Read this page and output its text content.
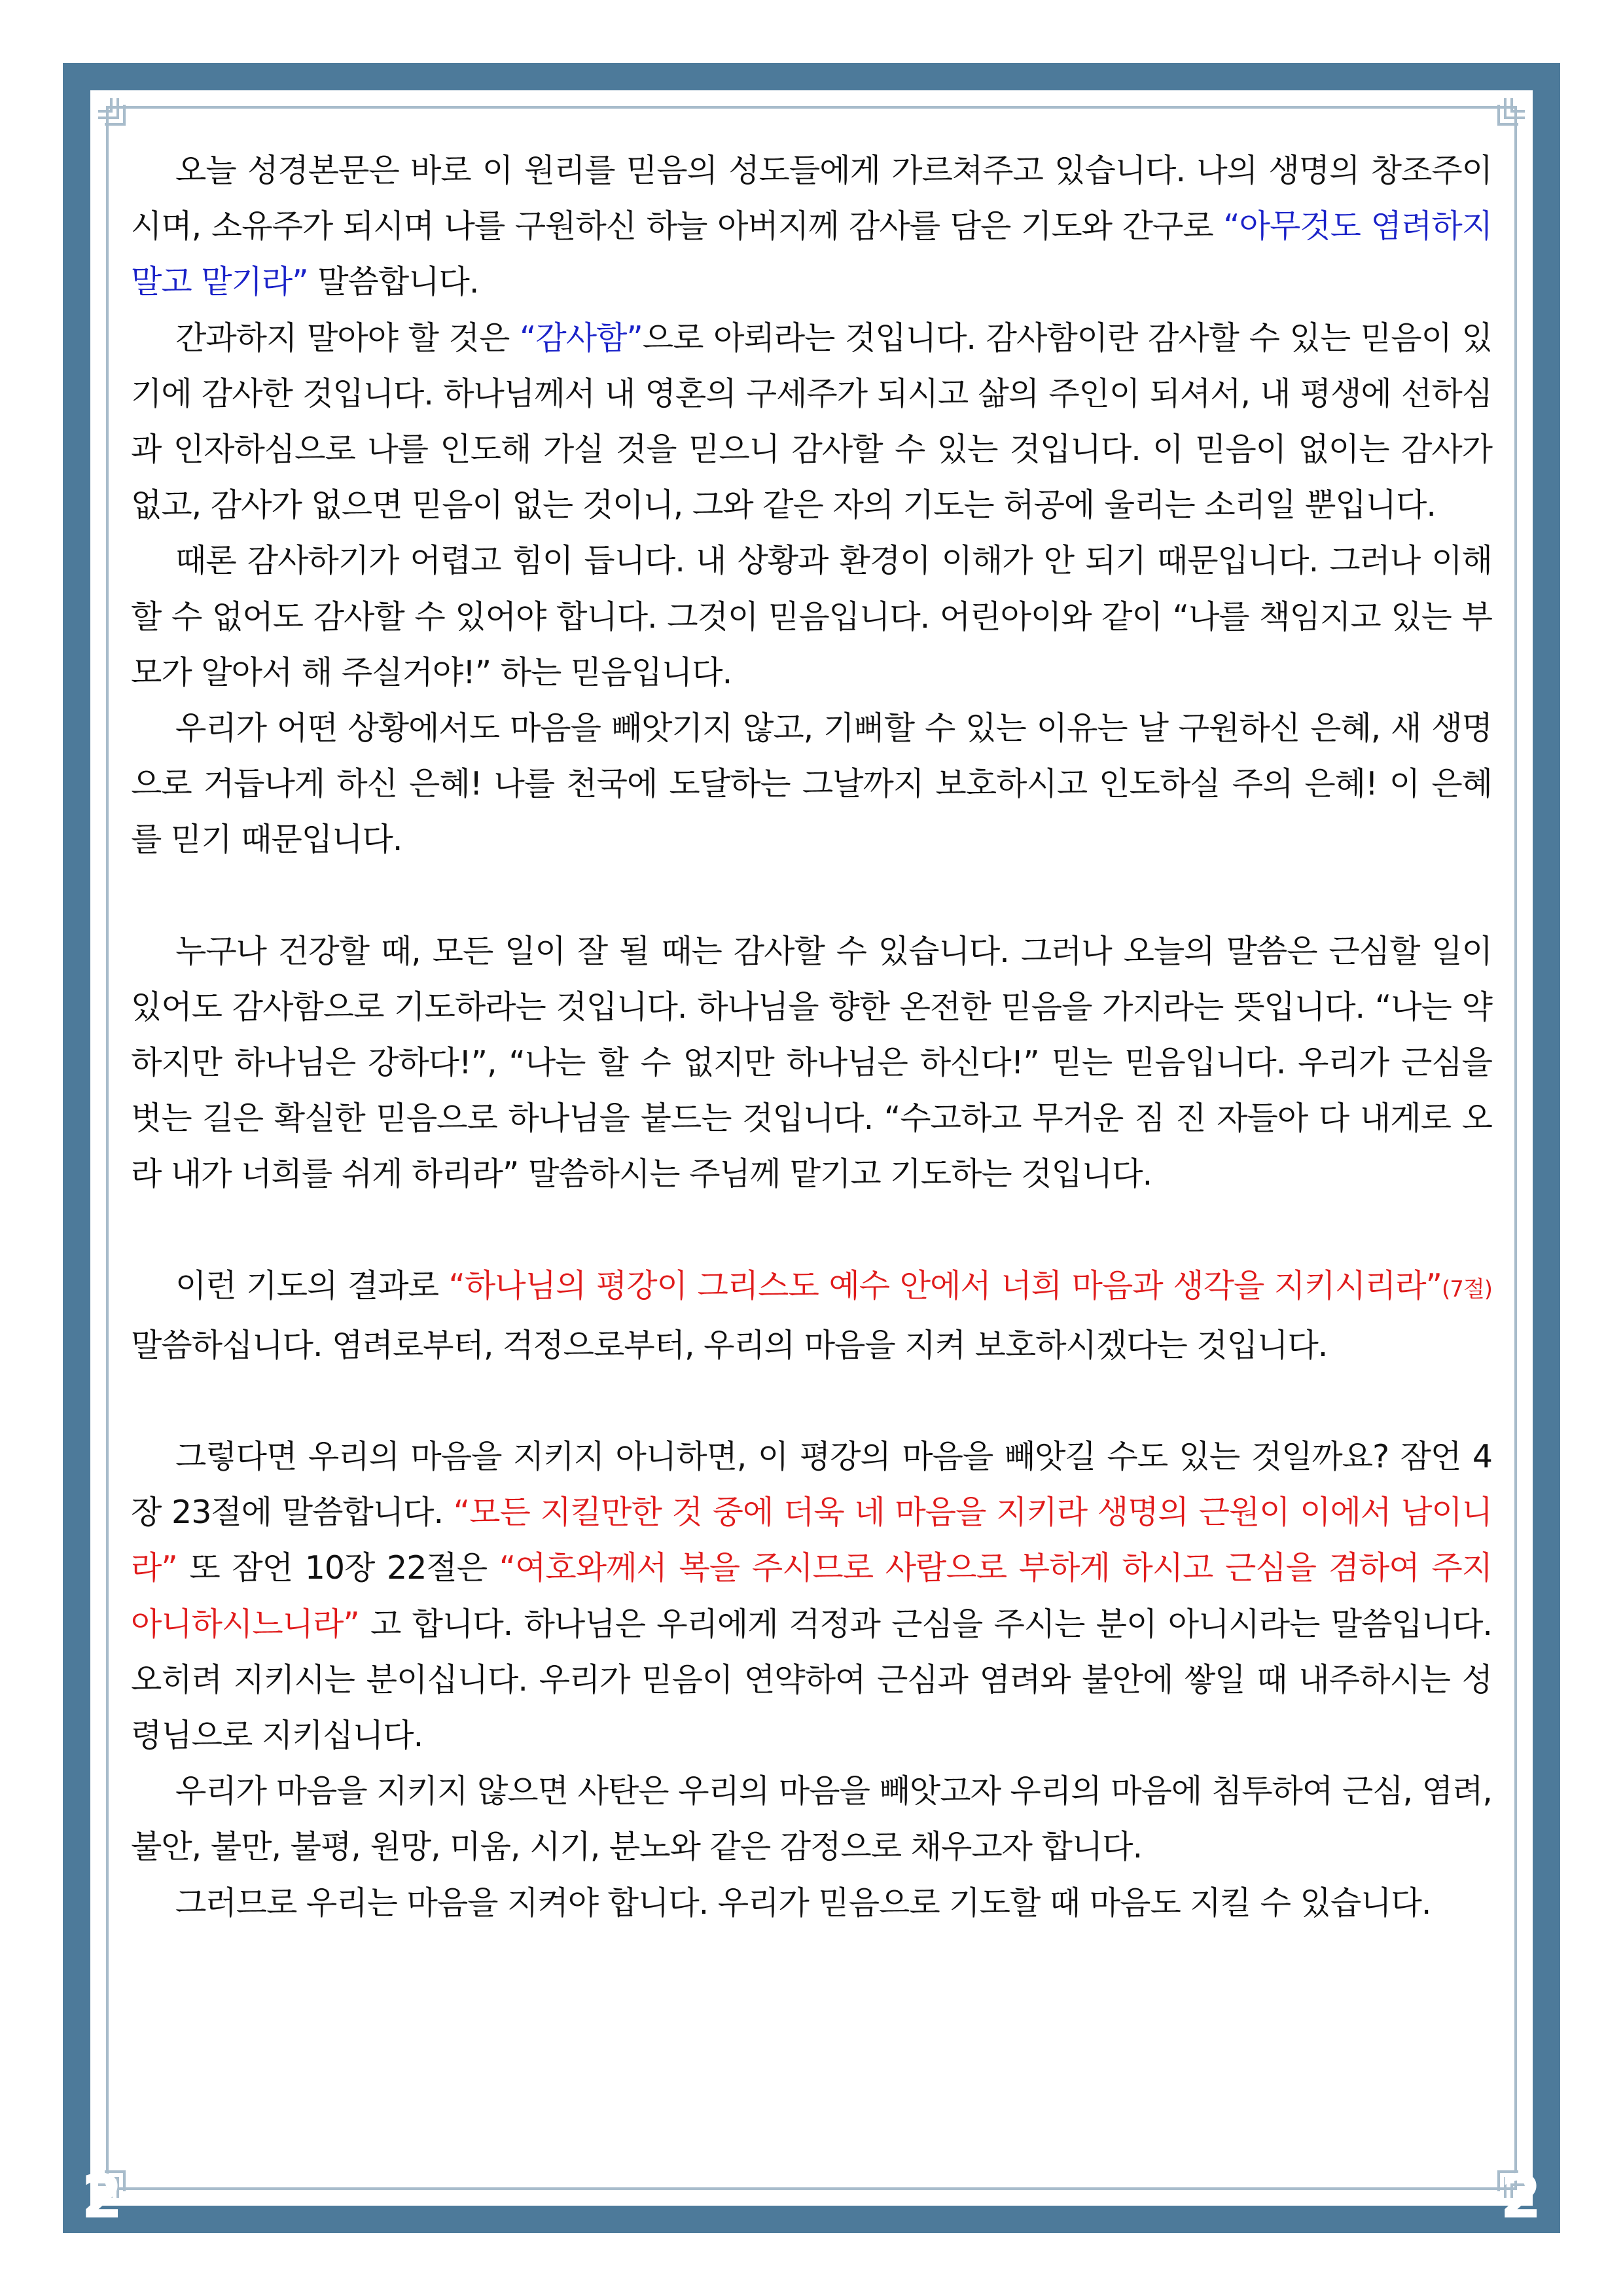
2	2

오늘 성경본문은 바로 이 원리를 믿음의 성도들에게 가르쳐주고 있습니다. 나의 생명의 창조주이시며, 소유주가 되시며 나를 구원하신 하늘 아버지께 감사를 담은 기도와 간구로 “아무것도 염려하지 말고 맡기라” 말씀합니다.

간과하지 말아야 할 것은 “감사함”으로 아뢰라는 것입니다. 감사함이란 감사할 수 있는 믿음이 있기에 감사한 것입니다. 하나님께서 내 영혼의 구세주가 되시고 삶의 주인이 되셔서, 내 평생에 선하심과 인자하심으로 나를 인도해 가실 것을 믿으니 감사할 수 있는 것입니다. 이 믿음이 없이는 감사가 없고, 감사가 없으면 믿음이 없는 것이니, 그와 같은 자의 기도는 허공에 울리는 소리일 뿐입니다.

때론 감사하기가 어렵고 힘이 듭니다. 내 상황과 환경이 이해가 안 되기 때문입니다. 그러나 이해할 수 없어도 감사할 수 있어야 합니다. 그것이 믿음입니다. 어린아이와 같이 “나를 책임지고 있는 부모가 알아서 해 주실거야!” 하는 믿음입니다.

우리가 어떤 상황에서도 마음을 빼앗기지 않고, 기뻐할 수 있는 이유는 날 구원하신 은혜, 새 생명으로 거듭나게 하신 은혜! 나를 천국에 도달하는 그날까지 보호하시고 인도하실 주의 은혜! 이 은혜를 믿기 때문입니다.

누구나 건강할 때, 모든 일이 잘 될 때는 감사할 수 있습니다. 그러나 오늘의 말씀은 근심할 일이 있어도 감사함으로 기도하라는 것입니다. 하나님을 향한 온전한 믿음을 가지라는 뜻입니다. “나는 약하지만 하나님은 강하다!”, “나는 할 수 없지만 하나님은 하신다!” 믿는 믿음입니다. 우리가 근심을 벗는 길은 확실한 믿음으로 하나님을 붙드는 것입니다. “수고하고 무거운 짐 진 자들아 다 내게로 오라 내가 너희를 쉬게 하리라” 말씀하시는 주님께 맡기고 기도하는 것입니다.

이런 기도의 결과로 “하나님의 평강이 그리스도 예수 안에서 너희 마음과 생각을 지키시리라”(7절) 말씀하십니다. 염려로부터, 걱정으로부터, 우리의 마음을 지켜 보호하시겠다는 것입니다.

그렇다면 우리의 마음을 지키지 아니하면, 이 평강의 마음을 빼앗길 수도 있는 것일까요? 잠언 4장 23절에 말씀합니다. “모든 지킬만한 것 중에 더욱 네 마음을 지키라 생명의 근원이 이에서 남이니라” 또 잠언 10장 22절은 “여호와께서 복을 주시므로 사람으로 부하게 하시고 근심을 겸하여 주지 아니하시느니라” 고 합니다. 하나님은 우리에게 걱정과 근심을 주시는 분이 아니시라는 말씀입니다. 오히려 지키시는 분이십니다. 우리가 믿음이 연약하여 근심과 염려와 불안에 쌓일 때 내주하시는 성령님으로 지키십니다.

우리가 마음을 지키지 않으면 사탄은 우리의 마음을 빼앗고자 우리의 마음에 침투하여 근심, 염려, 불안, 불만, 불평, 원망, 미움, 시기, 분노와 같은 감정으로 채우고자 합니다.

그러므로 우리는 마음을 지켜야 합니다. 우리가 믿음으로 기도할 때 마음도 지킬 수 있습니다.
